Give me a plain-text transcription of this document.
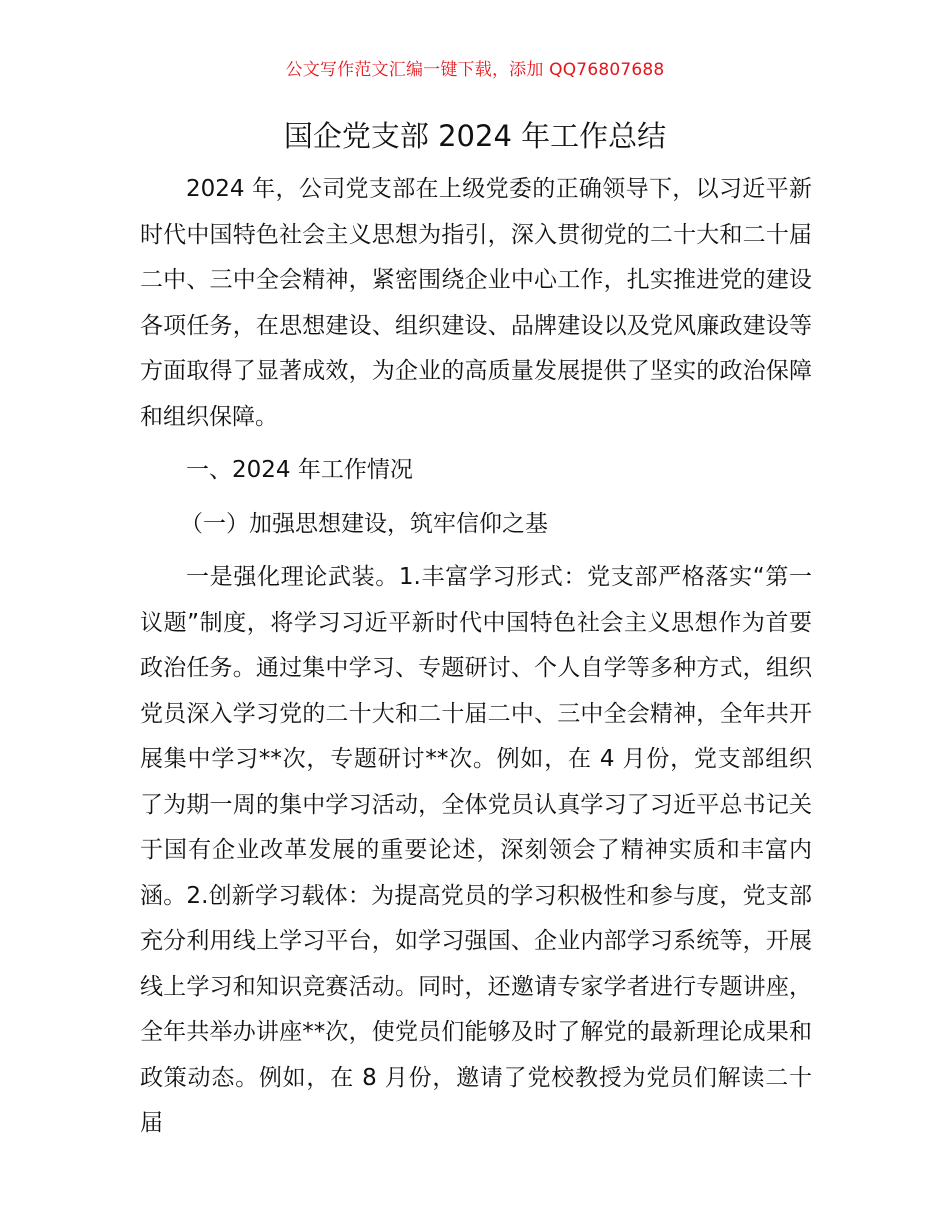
公文写作范文汇编一键下载，添加 QQ76807688
国企党支部 2024 年工作总结

2024 年，公司党支部在上级党委的正确领导下，以习近平新时代中国特色社会主义思想为指引，深入贯彻党的二十大和二十届二中、三中全会精神，紧密围绕企业中心工作，扎实推进党的建设各项任务，在思想建设、组织建设、品牌建设以及党风廉政建设等方面取得了显著成效，为企业的高质量发展提供了坚实的政治保障和组织保障。

一、2024 年工作情况

（一）加强思想建设，筑牢信仰之基

一是强化理论武装。1.丰富学习形式：党支部严格落实“第一议题”制度，将学习习近平新时代中国特色社会主义思想作为首要政治任务。通过集中学习、专题研讨、个人自学等多种方式，组织党员深入学习党的二十大和二十届二中、三中全会精神，全年共开展集中学习**次，专题研讨**次。例如，在 4 月份，党支部组织了为期一周的集中学习活动，全体党员认真学习了习近平总书记关于国有企业改革发展的重要论述，深刻领会了精神实质和丰富内涵。2.创新学习载体：为提高党员的学习积极性和参与度，党支部充分利用线上学习平台，如学习强国、企业内部学习系统等，开展线上学习和知识竞赛活动。同时，还邀请专家学者进行专题讲座，全年共举办讲座**次，使党员们能够及时了解党的最新理论成果和政策动态。例如，在 8 月份，邀请了党校教授为党员们解读二十届
